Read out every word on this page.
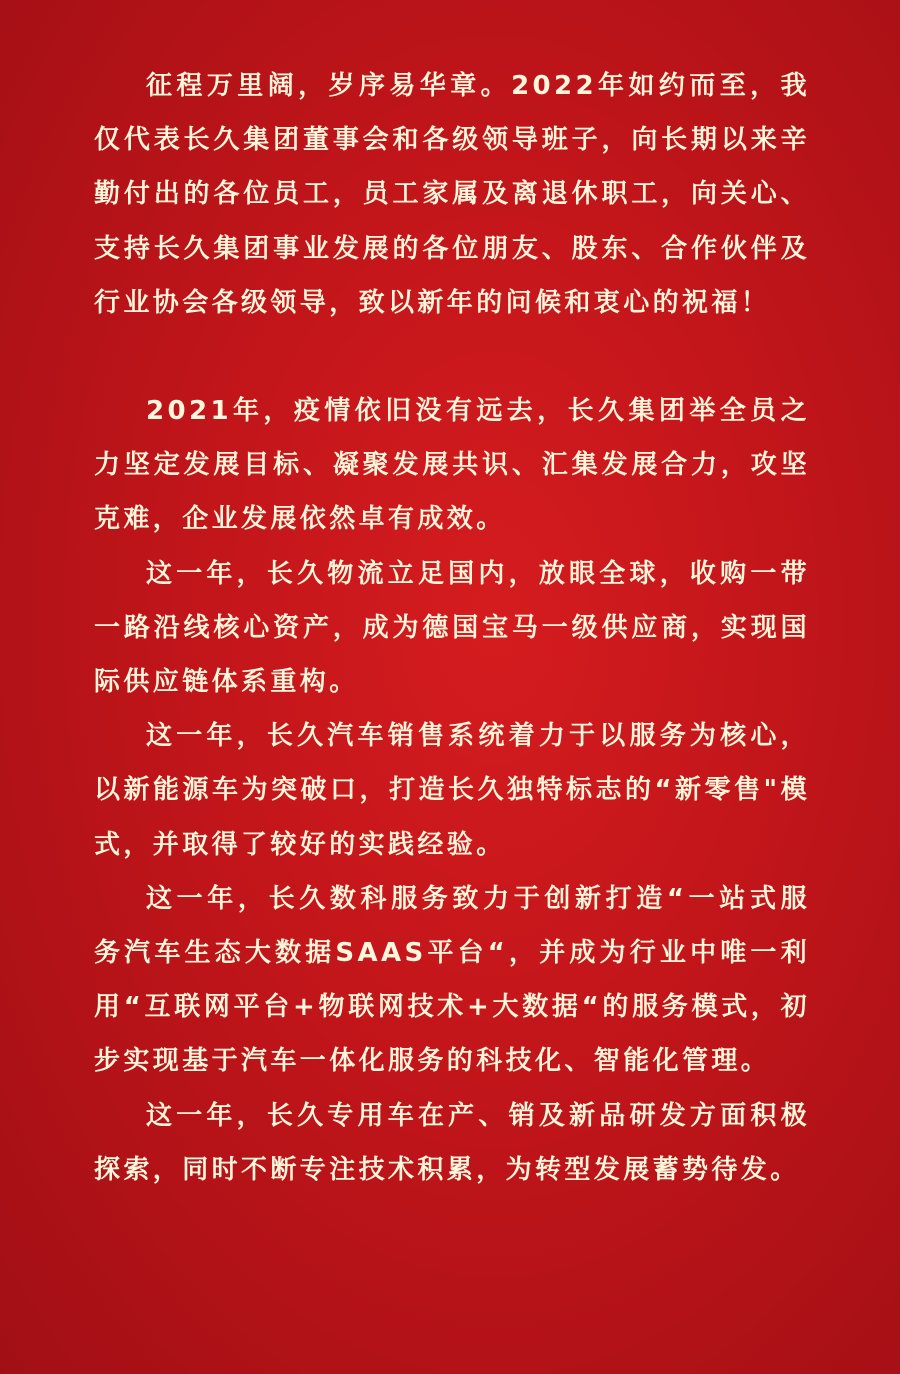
征程万里阔，岁序易华章。2022年如约而至，我仅代表长久集团董事会和各级领导班子，向长期以来辛勤付出的各位员工，员工家属及离退休职工，向关心、支持长久集团事业发展的各位朋友、股东、合作伙伴及行业协会各级领导，致以新年的问候和衷心的祝福！

2021年，疫情依旧没有远去，长久集团举全员之力坚定发展目标、凝聚发展共识、汇集发展合力，攻坚克难，企业发展依然卓有成效。

这一年，长久物流立足国内，放眼全球，收购一带一路沿线核心资产，成为德国宝马一级供应商，实现国际供应链体系重构。

这一年，长久汽车销售系统着力于以服务为核心，以新能源车为突破口，打造长久独特标志的“新零售"模式，并取得了较好的实践经验。

这一年，长久数科服务致力于创新打造“一站式服务汽车生态大数据SAAS平台“，并成为行业中唯一利用“互联网平台+物联网技术+大数据“的服务模式，初步实现基于汽车一体化服务的科技化、智能化管理。

这一年，长久专用车在产、销及新品研发方面积极探索，同时不断专注技术积累，为转型发展蓄势待发。
